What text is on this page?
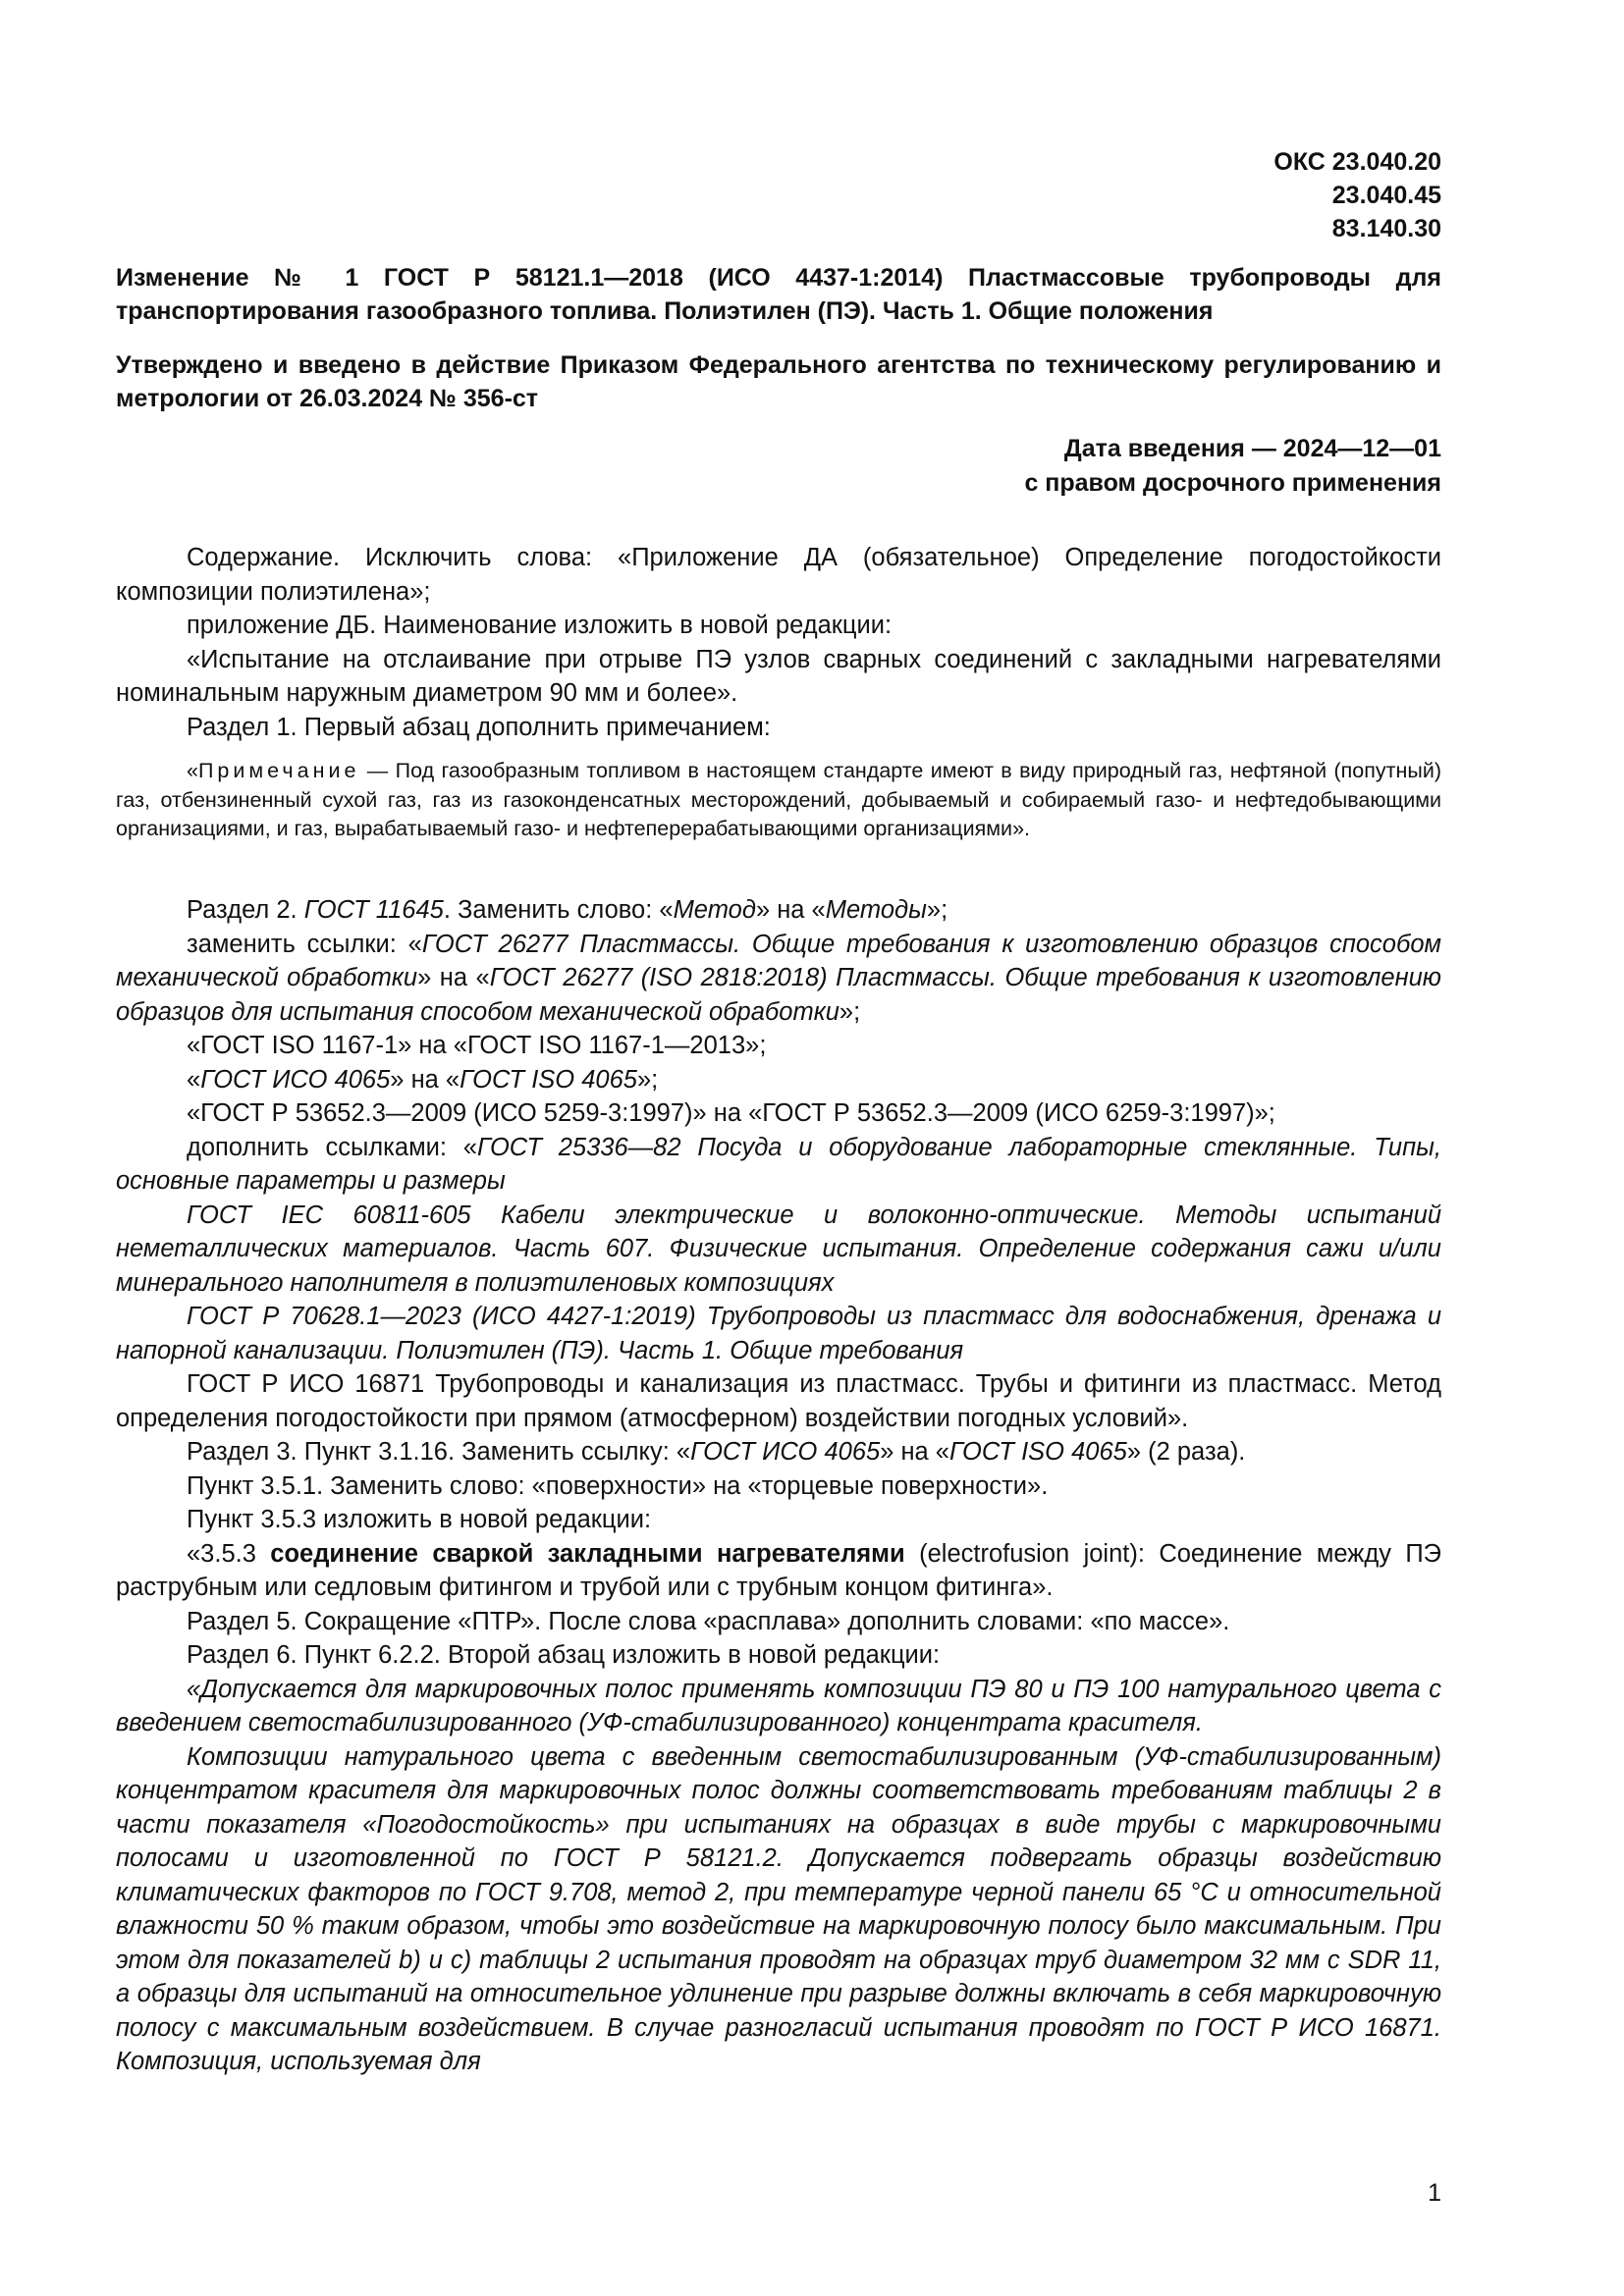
ОКС 23.040.20
23.040.45
83.140.30
Изменение № 1 ГОСТ Р 58121.1—2018 (ИСО 4437-1:2014) Пластмассовые трубопроводы для транспортирования газообразного топлива. Полиэтилен (ПЭ). Часть 1. Общие положения
Утверждено и введено в действие Приказом Федерального агентства по техническому регулированию и метрологии от 26.03.2024 № 356-ст
Дата введения — 2024—12—01
с правом досрочного применения

Содержание. Исключить слова: «Приложение ДА (обязательное) Определение погодостойкости композиции полиэтилена»;

приложение ДБ. Наименование изложить в новой редакции:

«Испытание на отслаивание при отрыве ПЭ узлов сварных соединений с закладными нагревателями номинальным наружным диаметром 90 мм и более».

Раздел 1. Первый абзац дополнить примечанием:

«Примечание — Под газообразным топливом в настоящем стандарте имеют в виду природный газ, нефтяной (попутный) газ, отбензиненный сухой газ, газ из газоконденсатных месторождений, добываемый и собираемый газо- и нефтедобывающими организациями, и газ, вырабатываемый газо- и нефтеперерабатывающими организациями».

Раздел 2. ГОСТ 11645. Заменить слово: «Метод» на «Методы»;

заменить ссылки: «ГОСТ 26277 Пластмассы. Общие требования к изготовлению образцов способом механической обработки» на «ГОСТ 26277 (ISO 2818:2018) Пластмассы. Общие требования к изготовлению образцов для испытания способом механической обработки»;

«ГОСТ ISO 1167-1» на «ГОСТ ISO 1167-1—2013»;

«ГОСТ ИСО 4065» на «ГОСТ ISO 4065»;

«ГОСТ Р 53652.3—2009 (ИСО 5259-3:1997)» на «ГОСТ Р 53652.3—2009 (ИСО 6259-3:1997)»;

дополнить ссылками: «ГОСТ 25336—82 Посуда и оборудование лабораторные стеклянные. Типы, основные параметры и размеры

ГОСТ IEC 60811-605 Кабели электрические и волоконно-оптические. Методы испытаний неметаллических материалов. Часть 607. Физические испытания. Определение содержания сажи и/или минерального наполнителя в полиэтиленовых композициях

ГОСТ Р 70628.1—2023 (ИСО 4427-1:2019) Трубопроводы из пластмасс для водоснабжения, дренажа и напорной канализации. Полиэтилен (ПЭ). Часть 1. Общие требования

ГОСТ Р ИСО 16871 Трубопроводы и канализация из пластмасс. Трубы и фитинги из пластмасс. Метод определения погодостойкости при прямом (атмосферном) воздействии погодных условий».

Раздел 3. Пункт 3.1.16. Заменить ссылку: «ГОСТ ИСО 4065» на «ГОСТ ISO 4065» (2 раза).

Пункт 3.5.1. Заменить слово: «поверхности» на «торцевые поверхности».

Пункт 3.5.3 изложить в новой редакции:

«3.5.3 соединение сваркой закладными нагревателями (electrofusion joint): Соединение между ПЭ раструбным или седловым фитингом и трубой или с трубным концом фитинга».

Раздел 5. Сокращение «ПТР». После слова «расплава» дополнить словами: «по массе».

Раздел 6. Пункт 6.2.2. Второй абзац изложить в новой редакции:

«Допускается для маркировочных полос применять композиции ПЭ 80 и ПЭ 100 натурального цвета с введением светостабилизированного (УФ-стабилизированного) концентрата красителя.

Композиции натурального цвета с введенным светостабилизированным (УФ-стабилизированным) концентратом красителя для маркировочных полос должны соответствовать требованиям таблицы 2 в части показателя «Погодостойкость» при испытаниях на образцах в виде трубы с маркировочными полосами и изготовленной по ГОСТ Р 58121.2. Допускается подвергать образцы воздействию климатических факторов по ГОСТ 9.708, метод 2, при температуре черной панели 65 °С и относительной влажности 50 % таким образом, чтобы это воздействие на маркировочную полосу было максимальным. При этом для показателей b) и c) таблицы 2 испытания проводят на образцах труб диаметром 32 мм с SDR 11, а образцы для испытаний на относительное удлинение при разрыве должны включать в себя маркировочную полосу с максимальным воздействием. В случае разногласий испытания проводят по ГОСТ Р ИСО 16871. Композиция, используемая для

1
